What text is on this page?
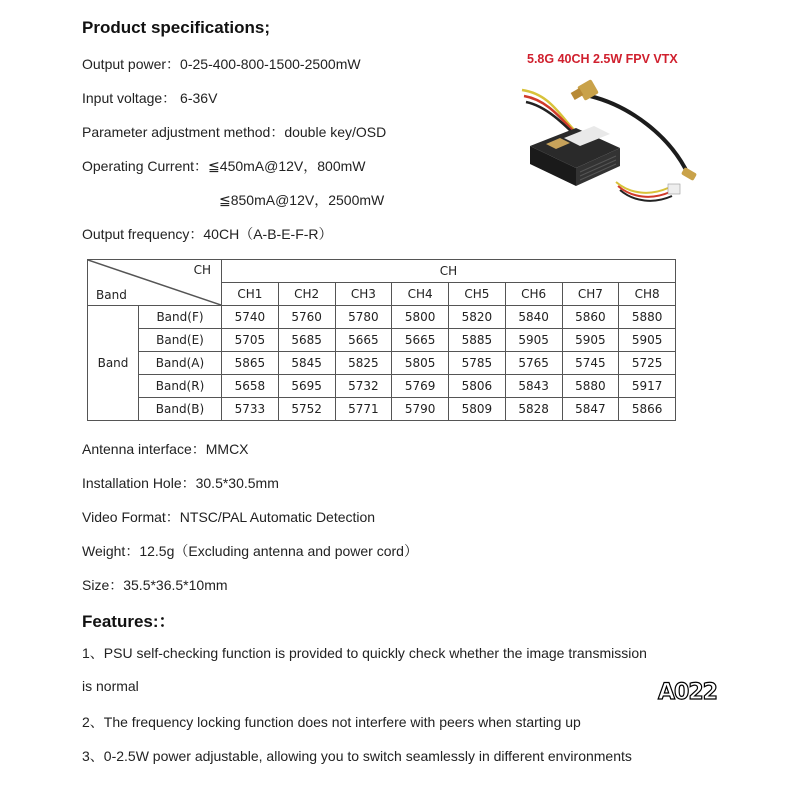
Product specifications;
Output power：0-25-400-800-1500-2500mW
Input voltage： 6-36V
Parameter adjustment method：double key/OSD
Operating Current：≦450mA@12V，800mW
≦850mA@12V，2500mW
Output frequency：40CH（A-B-E-F-R）
5.8G 40CH 2.5W FPV VTX
CH
Band		CH							
		CH1	CH2	CH3	CH4	CH5	CH6	CH7	CH8
Band	Band(F)	5740	5760	5780	5800	5820	5840	5860	5880
	Band(E)	5705	5685	5665	5665	5885	5905	5905	5905
	Band(A)	5865	5845	5825	5805	5785	5765	5745	5725
	Band(R)	5658	5695	5732	5769	5806	5843	5880	5917
	Band(B)	5733	5752	5771	5790	5809	5828	5847	5866
Antenna interface：MMCX
Installation Hole：30.5*30.5mm
Video Format：NTSC/PAL Automatic Detection
Weight：12.5g（Excluding antenna and power cord）
Size：35.5*36.5*10mm
Features:：
1、PSU self-checking function is provided to quickly check whether the image transmission
is normal
2、The frequency locking function does not interfere with peers when starting up
3、0-2.5W power adjustable, allowing you to switch seamlessly in different environments
A022
